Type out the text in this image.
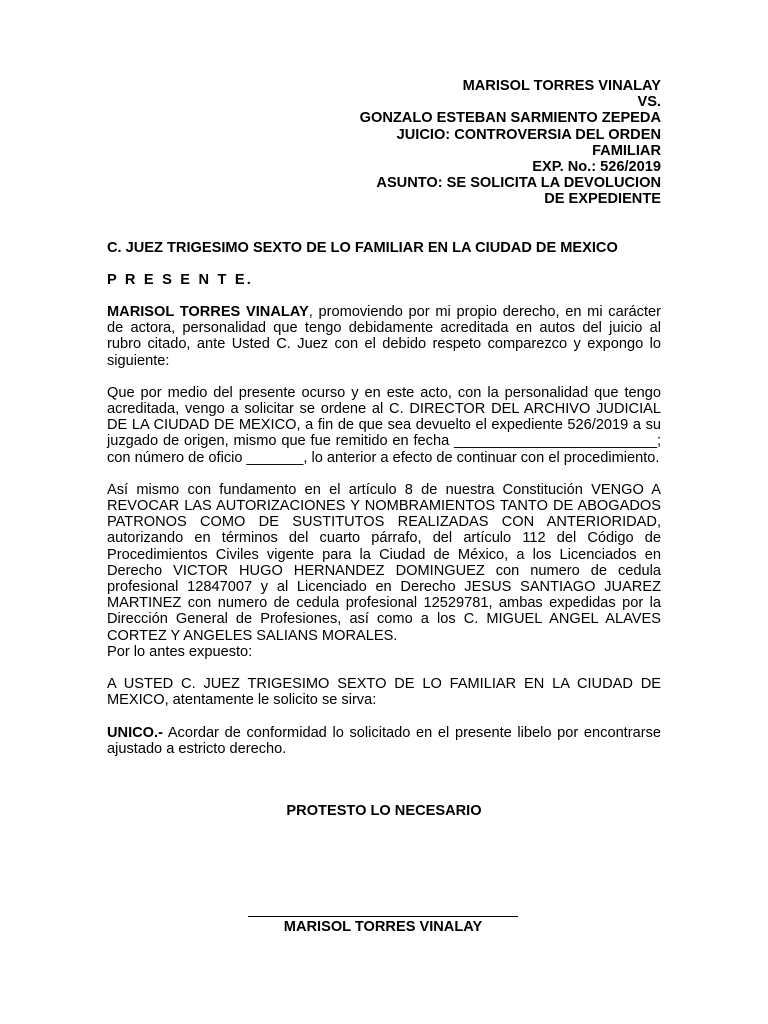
MARISOL TORRES VINALAY
VS.
GONZALO ESTEBAN SARMIENTO ZEPEDA
JUICIO: CONTROVERSIA DEL ORDEN
FAMILIAR
EXP. No.: 526/2019
ASUNTO: SE SOLICITA LA DEVOLUCION
DE EXPEDIENTE
C. JUEZ TRIGESIMO SEXTO DE LO FAMILIAR EN LA CIUDAD DE MEXICO
P R E S E N T E.
MARISOL TORRES VINALAY, promoviendo por mi propio derecho, en mi carácter de actora, personalidad que tengo debidamente acreditada en autos del juicio al rubro citado, ante Usted C. Juez con el debido respeto comparezco y expongo lo siguiente:
Que por medio del presente ocurso y en este acto, con la personalidad que tengo acreditada, vengo a solicitar se ordene al C. DIRECTOR DEL ARCHIVO JUDICIAL DE LA CIUDAD DE MEXICO, a fin de que sea devuelto el expediente 526/2019 a su juzgado de origen, mismo que fue remitido en fecha _________________________; con número de oficio _______, lo anterior a efecto de continuar con el procedimiento.
Así mismo con fundamento en el artículo 8 de nuestra Constitución VENGO A REVOCAR LAS AUTORIZACIONES Y NOMBRAMIENTOS TANTO DE ABOGADOS PATRONOS COMO DE SUSTITUTOS REALIZADAS CON ANTERIORIDAD, autorizando en términos del cuarto párrafo, del artículo 112 del Código de Procedimientos Civiles vigente para la Ciudad de México, a los Licenciados en Derecho VICTOR HUGO HERNANDEZ DOMINGUEZ con numero de cedula profesional 12847007 y al Licenciado en Derecho JESUS SANTIAGO JUAREZ MARTINEZ con numero de cedula profesional 12529781, ambas expedidas por la Dirección General de Profesiones, así como a los C. MIGUEL ANGEL ALAVES CORTEZ Y ANGELES SALIANS MORALES.
Por lo antes expuesto:
A USTED C. JUEZ TRIGESIMO SEXTO DE LO FAMILIAR EN LA CIUDAD DE MEXICO, atentamente le solicito se sirva:
UNICO.- Acordar de conformidad lo solicitado en el presente libelo por encontrarse ajustado a estricto derecho.
PROTESTO LO NECESARIO
MARISOL TORRES VINALAY
